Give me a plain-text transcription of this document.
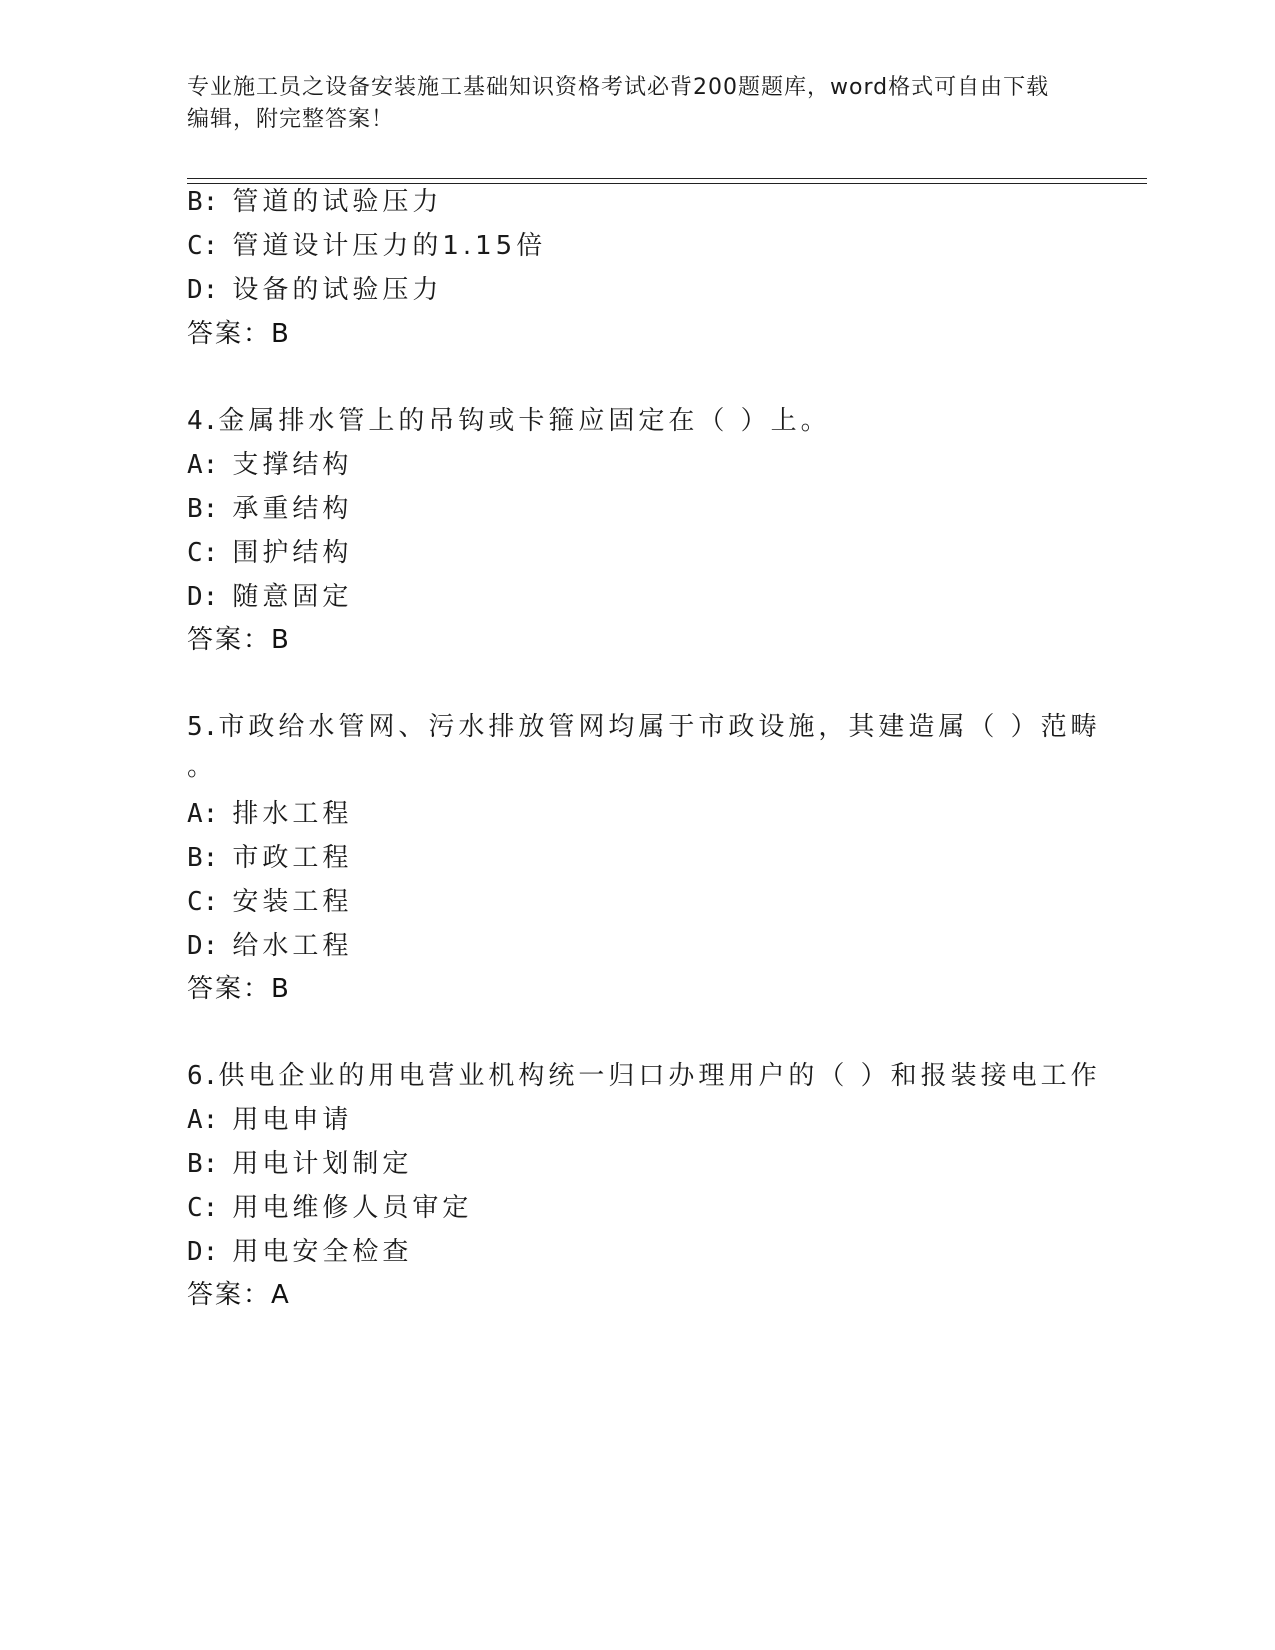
专业施工员之设备安装施工基础知识资格考试必背200题题库，word格式可自由下载编辑，附完整答案！
B: 管道的试验压力
C: 管道设计压力的1.15倍
D: 设备的试验压力
答案：B
4.金属排水管上的吊钩或卡箍应固定在（ ）上。
A: 支撑结构
B: 承重结构
C: 围护结构
D: 随意固定
答案：B
5.市政给水管网、污水排放管网均属于市政设施，其建造属（ ）范畴
。
A: 排水工程
B: 市政工程
C: 安装工程
D: 给水工程
答案：B
6.供电企业的用电营业机构统一归口办理用户的（ ）和报装接电工作
A: 用电申请
B: 用电计划制定
C: 用电维修人员审定
D: 用电安全检查
答案：A
